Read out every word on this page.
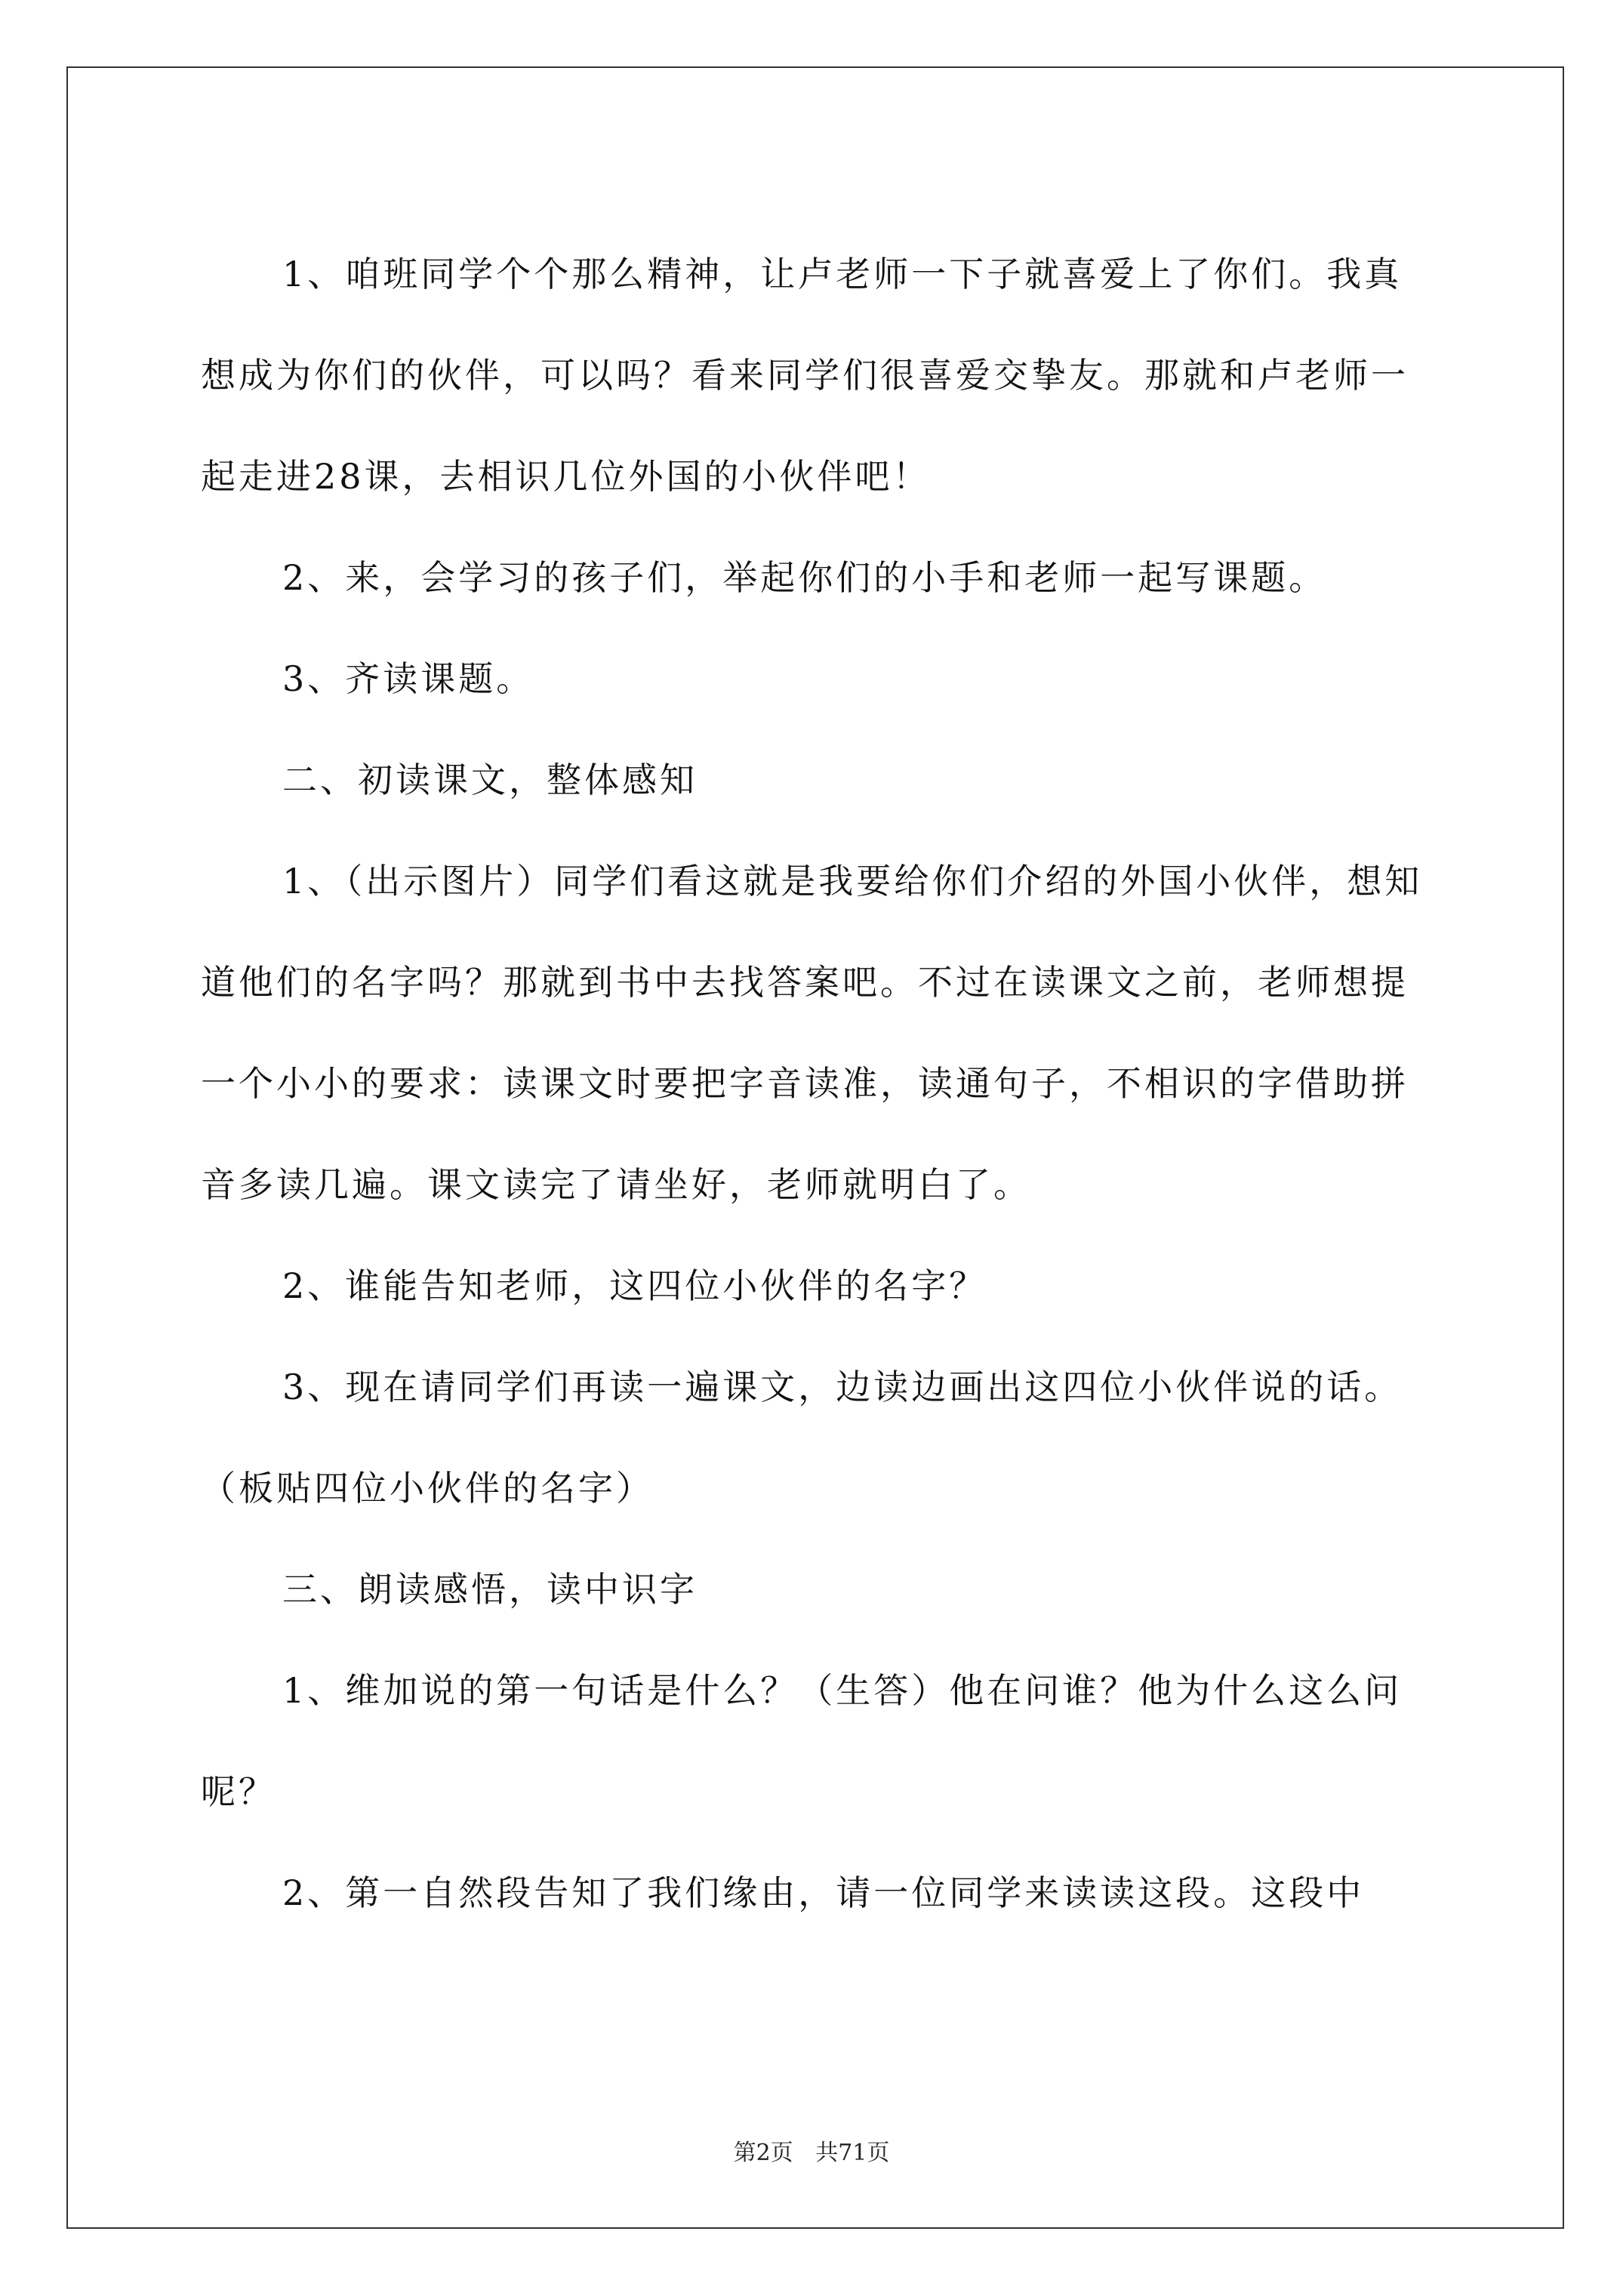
1、咱班同学个个那么精神，让卢老师一下子就喜爱上了你们。我真想成为你们的伙伴，可以吗？看来同学们很喜爱交挚友。那就和卢老师一起走进28课，去相识几位外国的小伙伴吧！

2、来，会学习的孩子们，举起你们的小手和老师一起写课题。

3、齐读课题。

二、初读课文，整体感知

1、（出示图片）同学们看这就是我要给你们介绍的外国小伙伴，想知道他们的名字吗？那就到书中去找答案吧。不过在读课文之前，老师想提一个小小的要求：读课文时要把字音读准，读通句子，不相识的字借助拼音多读几遍。课文读完了请坐好，老师就明白了。

2、谁能告知老师，这四位小伙伴的名字？

3、现在请同学们再读一遍课文，边读边画出这四位小伙伴说的话。（板贴四位小伙伴的名字）

三、朗读感悟，读中识字

1、维加说的第一句话是什么？（生答）他在问谁？他为什么这么问呢？

2、第一自然段告知了我们缘由，请一位同学来读读这段。这段中

第2页 共71页
